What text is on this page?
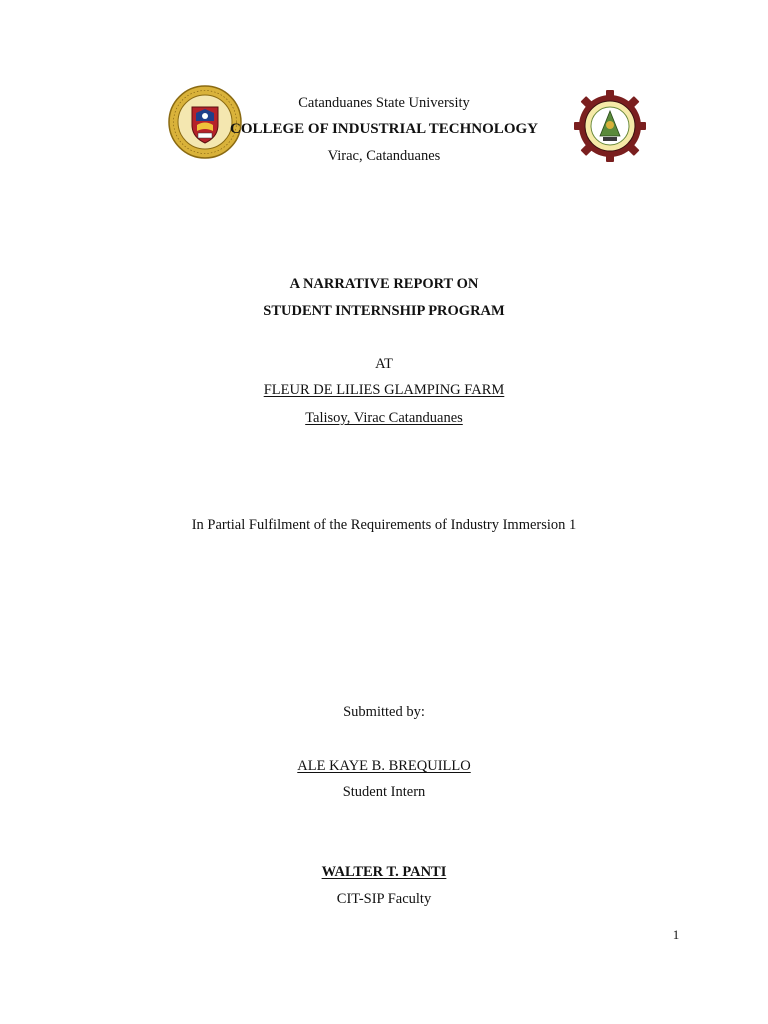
Catanduanes State University
COLLEGE OF INDUSTRIAL TECHNOLOGY
Virac, Catanduanes
A NARRATIVE REPORT ON
STUDENT INTERNSHIP PROGRAM
AT
FLEUR DE LILIES GLAMPING FARM
Talisoy, Virac Catanduanes
In Partial Fulfilment of the Requirements of Industry Immersion 1
Submitted by:
ALE KAYE B. BREQUILLO
Student Intern
WALTER T. PANTI
CIT-SIP Faculty
1
